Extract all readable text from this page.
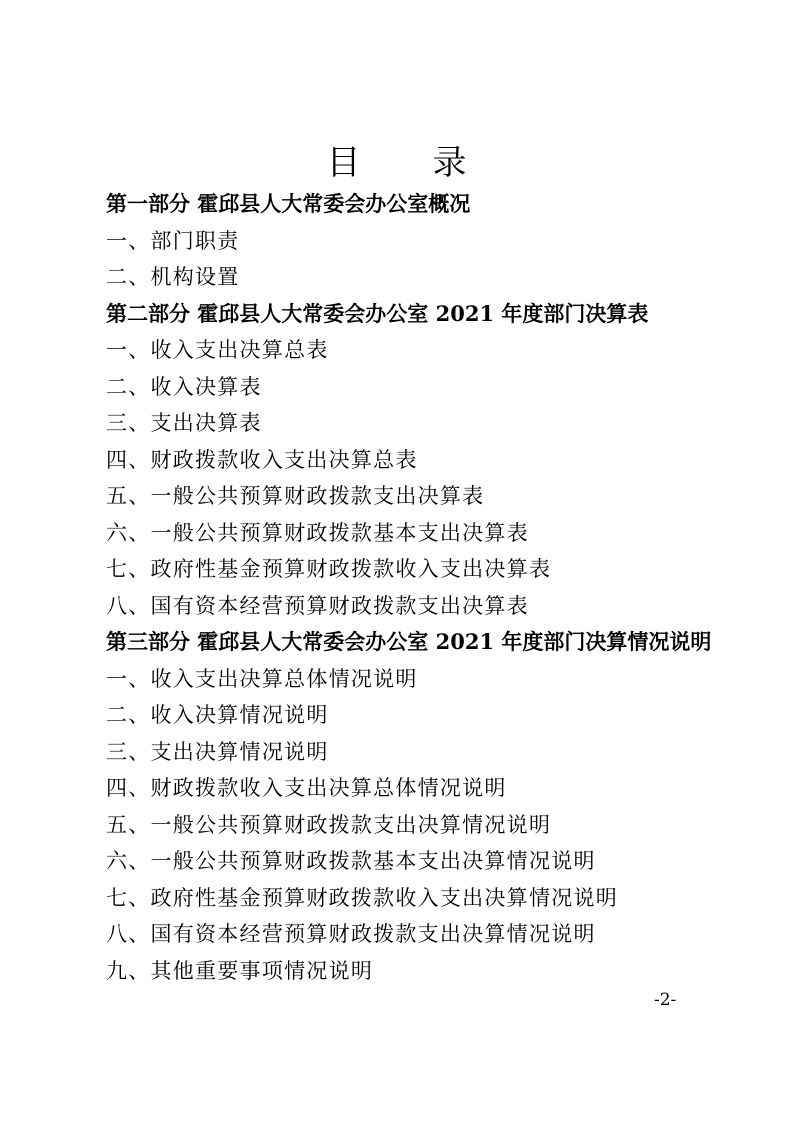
目 录
第一部分 霍邱县人大常委会办公室概况
一、部门职责
二、机构设置
第二部分 霍邱县人大常委会办公室 2021 年度部门决算表
一、收入支出决算总表
二、收入决算表
三、支出决算表
四、财政拨款收入支出决算总表
五、一般公共预算财政拨款支出决算表
六、一般公共预算财政拨款基本支出决算表
七、政府性基金预算财政拨款收入支出决算表
八、国有资本经营预算财政拨款支出决算表
第三部分 霍邱县人大常委会办公室 2021 年度部门决算情况说明
一、收入支出决算总体情况说明
二、收入决算情况说明
三、支出决算情况说明
四、财政拨款收入支出决算总体情况说明
五、一般公共预算财政拨款支出决算情况说明
六、一般公共预算财政拨款基本支出决算情况说明
七、政府性基金预算财政拨款收入支出决算情况说明
八、国有资本经营预算财政拨款支出决算情况说明
九、其他重要事项情况说明
-2-
